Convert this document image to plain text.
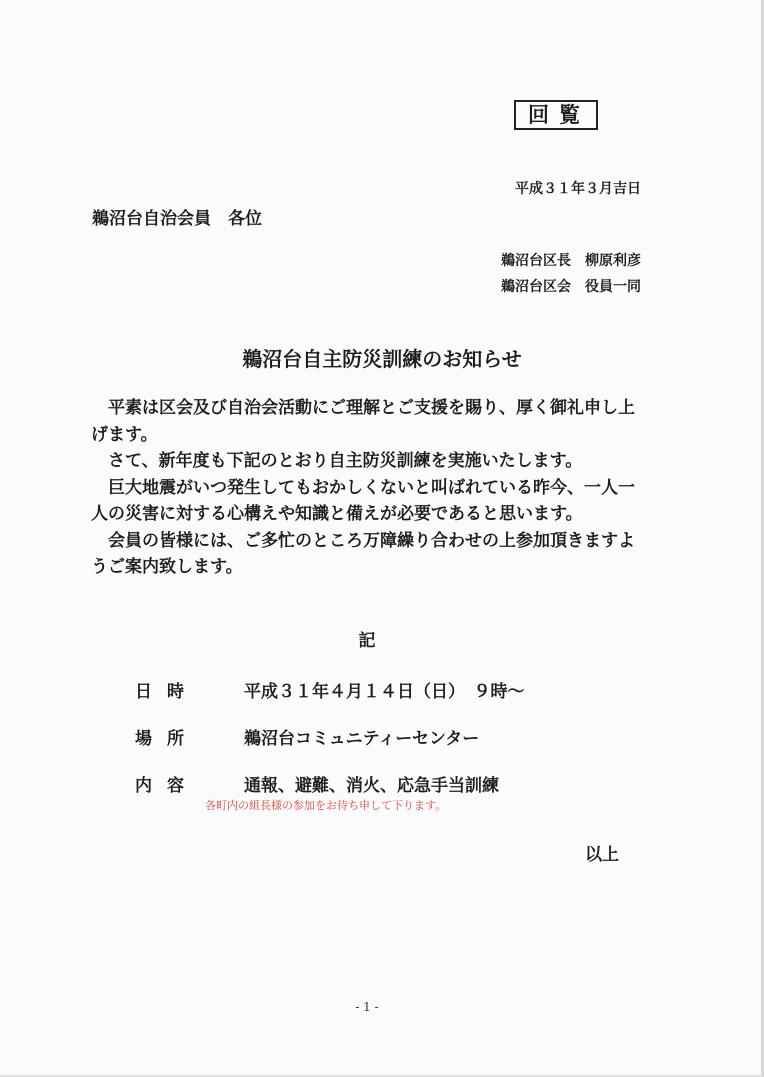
回覧
平成３１年３月吉日
鵜沼台自治会員　各位
鵜沼台区長　柳原利彦
鵜沼台区会　役員一同
鵜沼台自主防災訓練のお知らせ

平素は区会及び自治会活動にご理解とご支援を賜り、厚く御礼申し上げます。

さて、新年度も下記のとおり自主防災訓練を実施いたします。

巨大地震がいつ発生してもおかしくないと叫ばれている昨今、一人一人の災害に対する心構えや知識と備えが必要であると思います。

会員の皆様には、ご多忙のところ万障繰り合わせの上参加頂きますようご案内致します。

記
日時	平成３１年４月１４日（日）　９時～
場所	鵜沼台コミュニティーセンター
内容	通報、避難、消火、応急手当訓練
各町内の組長様の参加をお待ち申して下ります。
以上
- 1 -
